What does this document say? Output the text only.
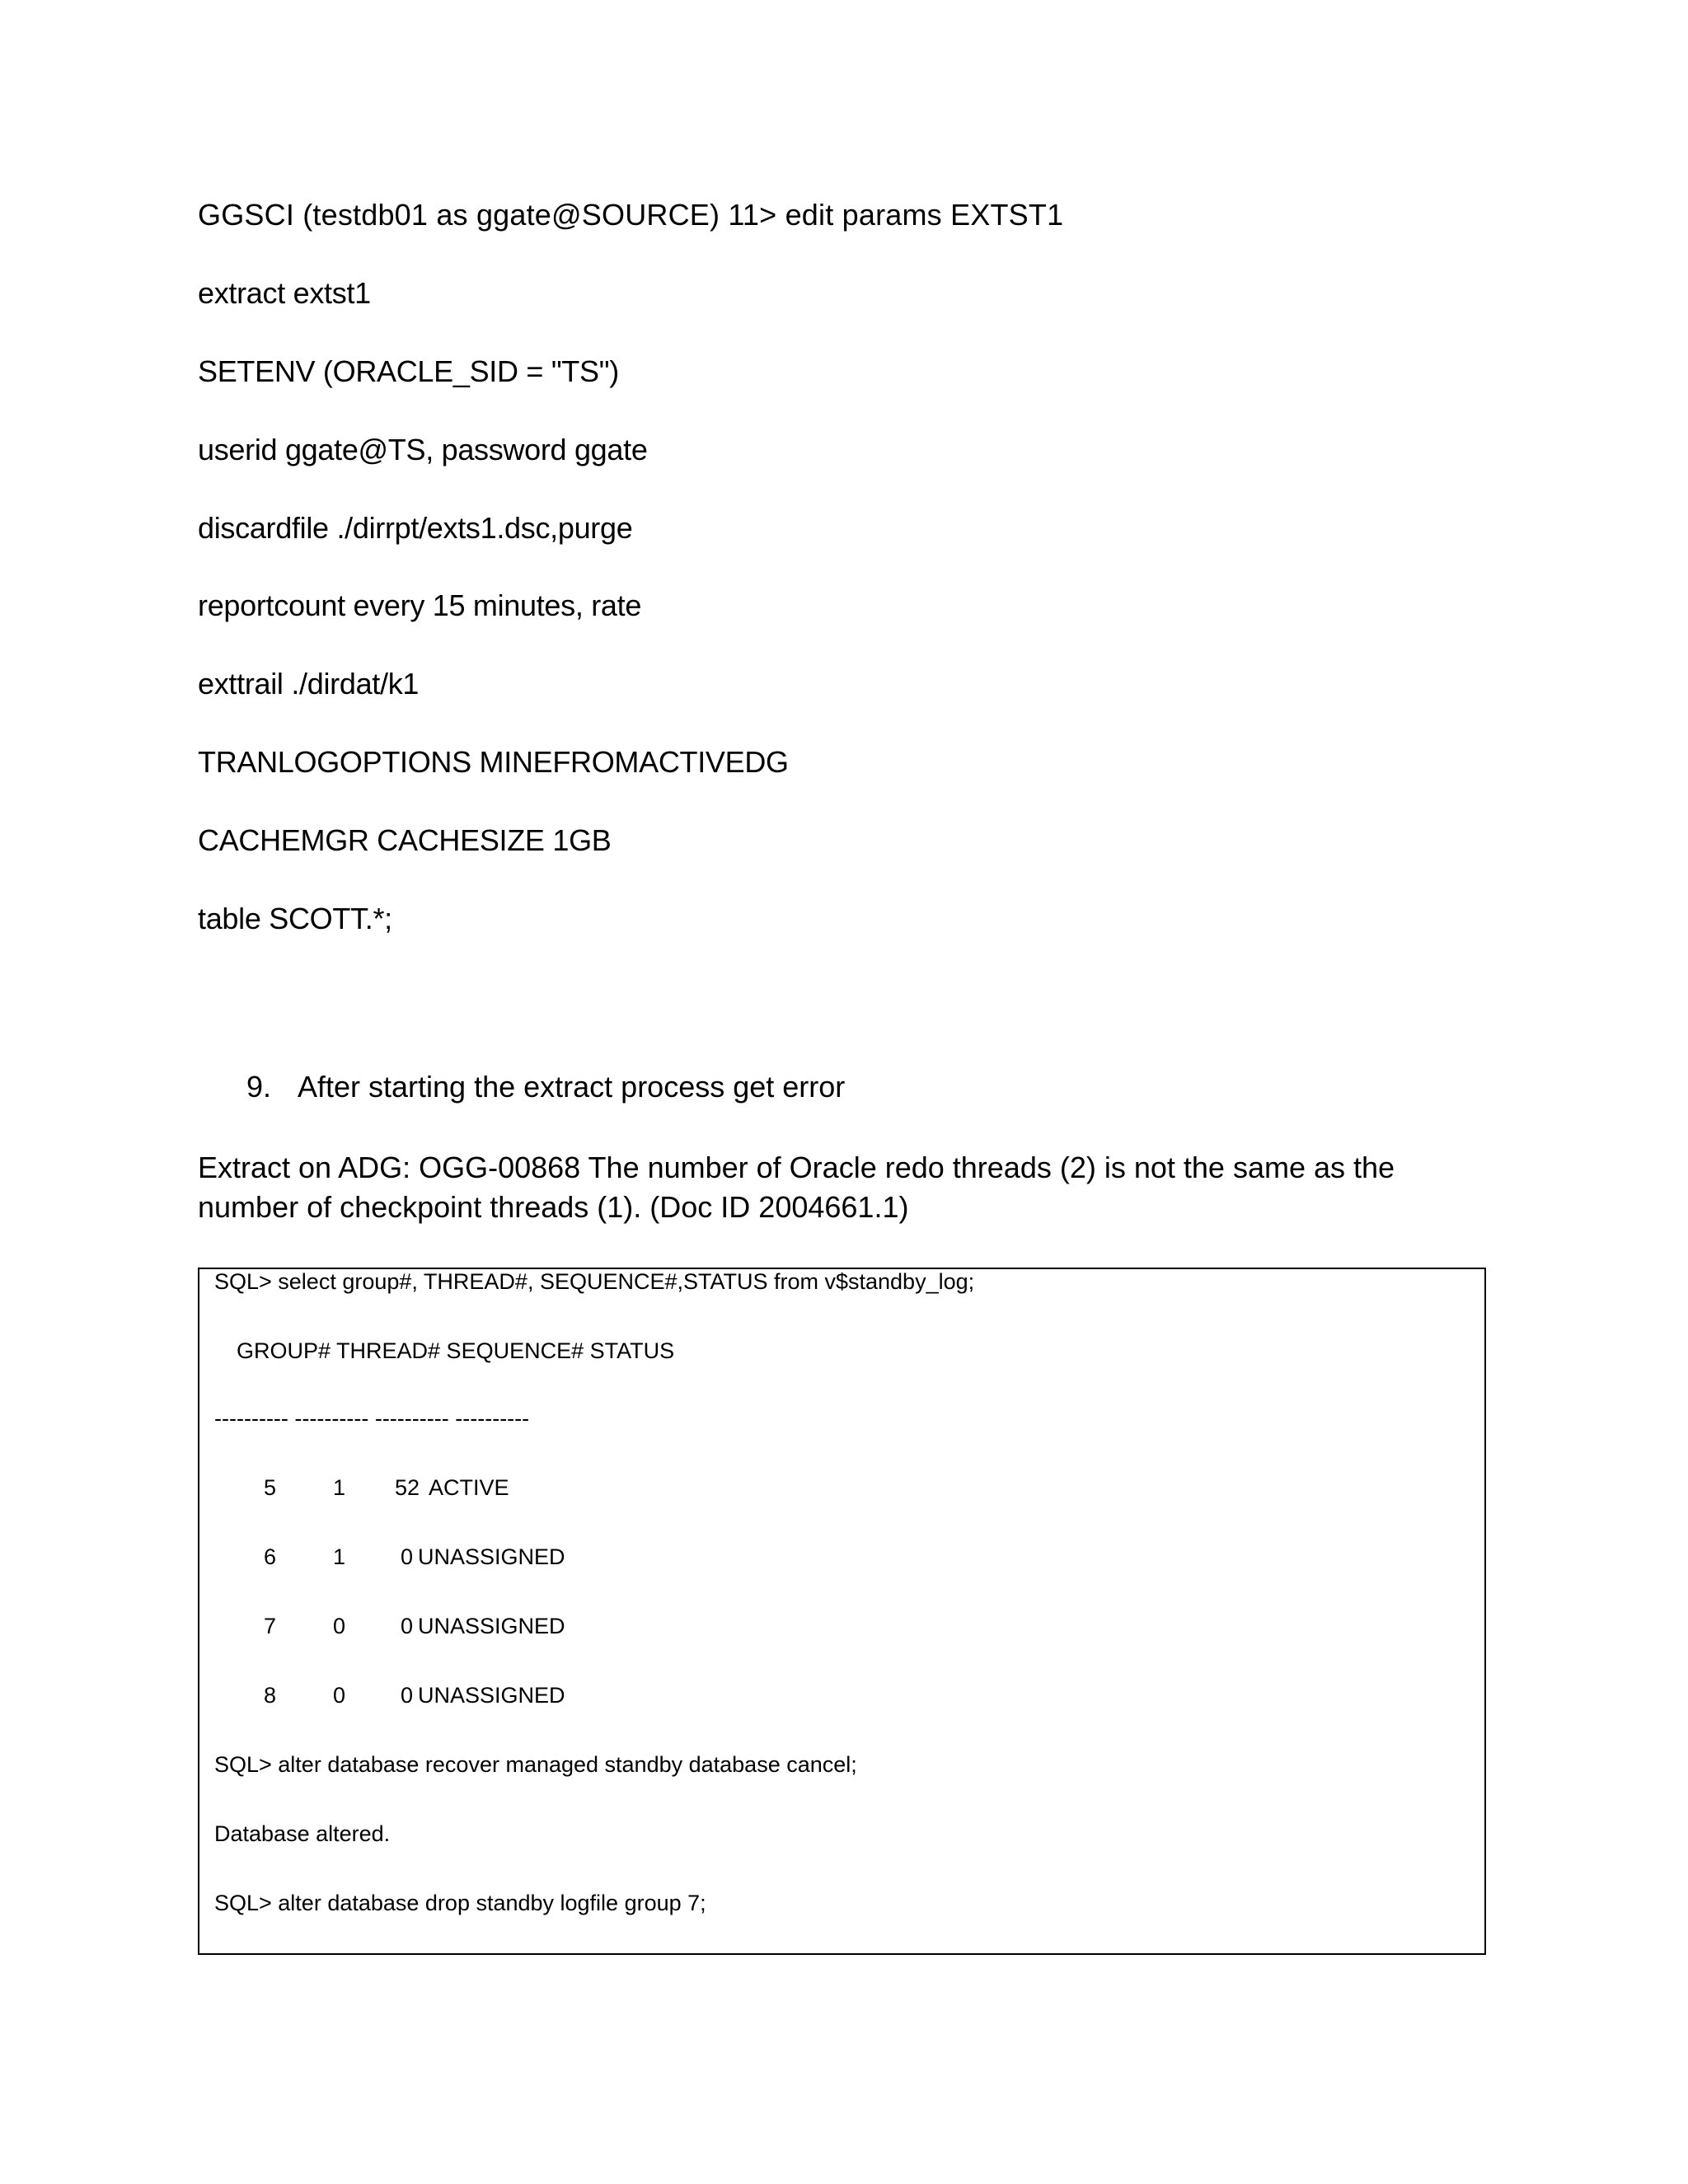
GGSCI (testdb01 as ggate@SOURCE) 11> edit params EXTST1
extract extst1
SETENV (ORACLE_SID = "TS")
userid ggate@TS, password ggate
discardfile ./dirrpt/exts1.dsc,purge
reportcount every 15 minutes, rate
exttrail ./dirdat/k1
TRANLOGOPTIONS MINEFROMACTIVEDG
CACHEMGR CACHESIZE 1GB
table SCOTT.*;
9. After starting the extract process get error
Extract on ADG: OGG-00868 The number of Oracle redo threads (2) is not the same as the
number of checkpoint threads (1). (Doc ID 2004661.1)
SQL> select group#, THREAD#, SEQUENCE#,STATUS from v$standby_log;
GROUP# THREAD# SEQUENCE# STATUS
---------- ---------- ---------- ----------
5	1 52 ACTIVE
6	1 0 UNASSIGNED
7	0 0 UNASSIGNED
8	0 0 UNASSIGNED
SQL> alter database recover managed standby database cancel;
Database altered.
SQL> alter database drop standby logfile group 7;
